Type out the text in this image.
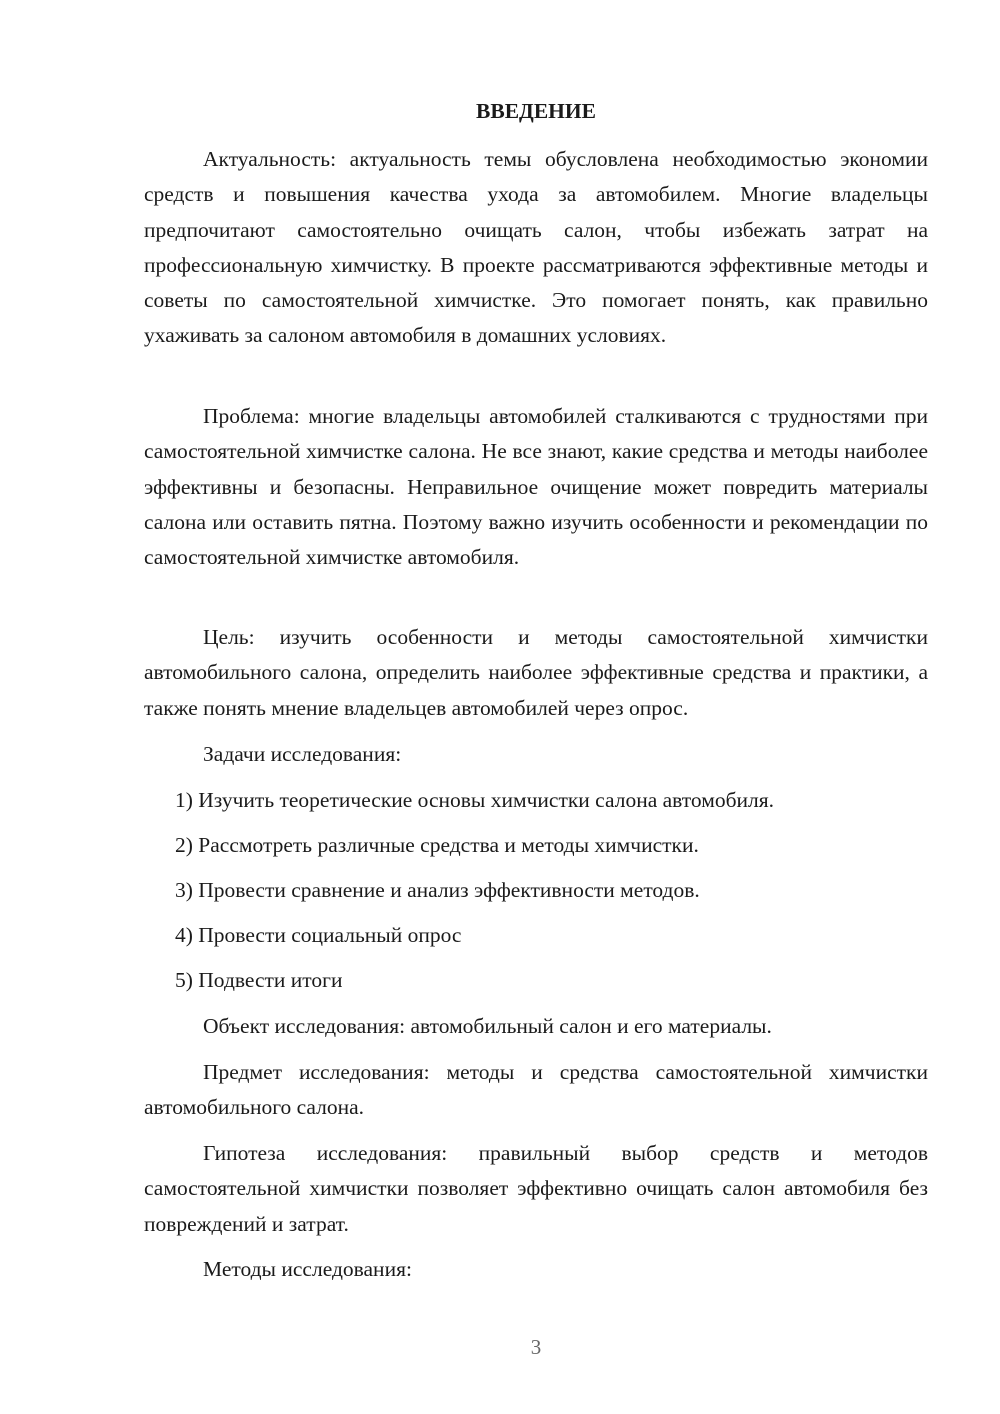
ВВЕДЕНИЕ

Актуальность: актуальность темы обусловлена необходимостью экономии средств и повышения качества ухода за автомобилем. Многие владельцы предпочитают самостоятельно очищать салон, чтобы избежать затрат на профессиональную химчистку. В проекте рассматриваются эффективные методы и советы по самостоятельной химчистке. Это помогает понять, как правильно ухаживать за салоном автомобиля в домашних условиях.

Проблема: многие владельцы автомобилей сталкиваются с трудностями при самостоятельной химчистке салона. Не все знают, какие средства и методы наиболее эффективны и безопасны. Неправильное очищение может повредить материалы салона или оставить пятна. Поэтому важно изучить особенности и рекомендации по самостоятельной химчистке автомобиля.

Цель: изучить особенности и методы самостоятельной химчистки автомобильного салона, определить наиболее эффективные средства и практики, а также понять мнение владельцев автомобилей через опрос.

Задачи исследования:

1) Изучить теоретические основы химчистки салона автомобиля.

2) Рассмотреть различные средства и методы химчистки.

3) Провести сравнение и анализ эффективности методов.

4) Провести социальный опрос

5) Подвести итоги

Объект исследования: автомобильный салон и его материалы.

Предмет исследования: методы и средства самостоятельной химчистки автомобильного салона.

Гипотеза исследования: правильный выбор средств и методов самостоятельной химчистки позволяет эффективно очищать салон автомобиля без повреждений и затрат.

Методы исследования:

3
